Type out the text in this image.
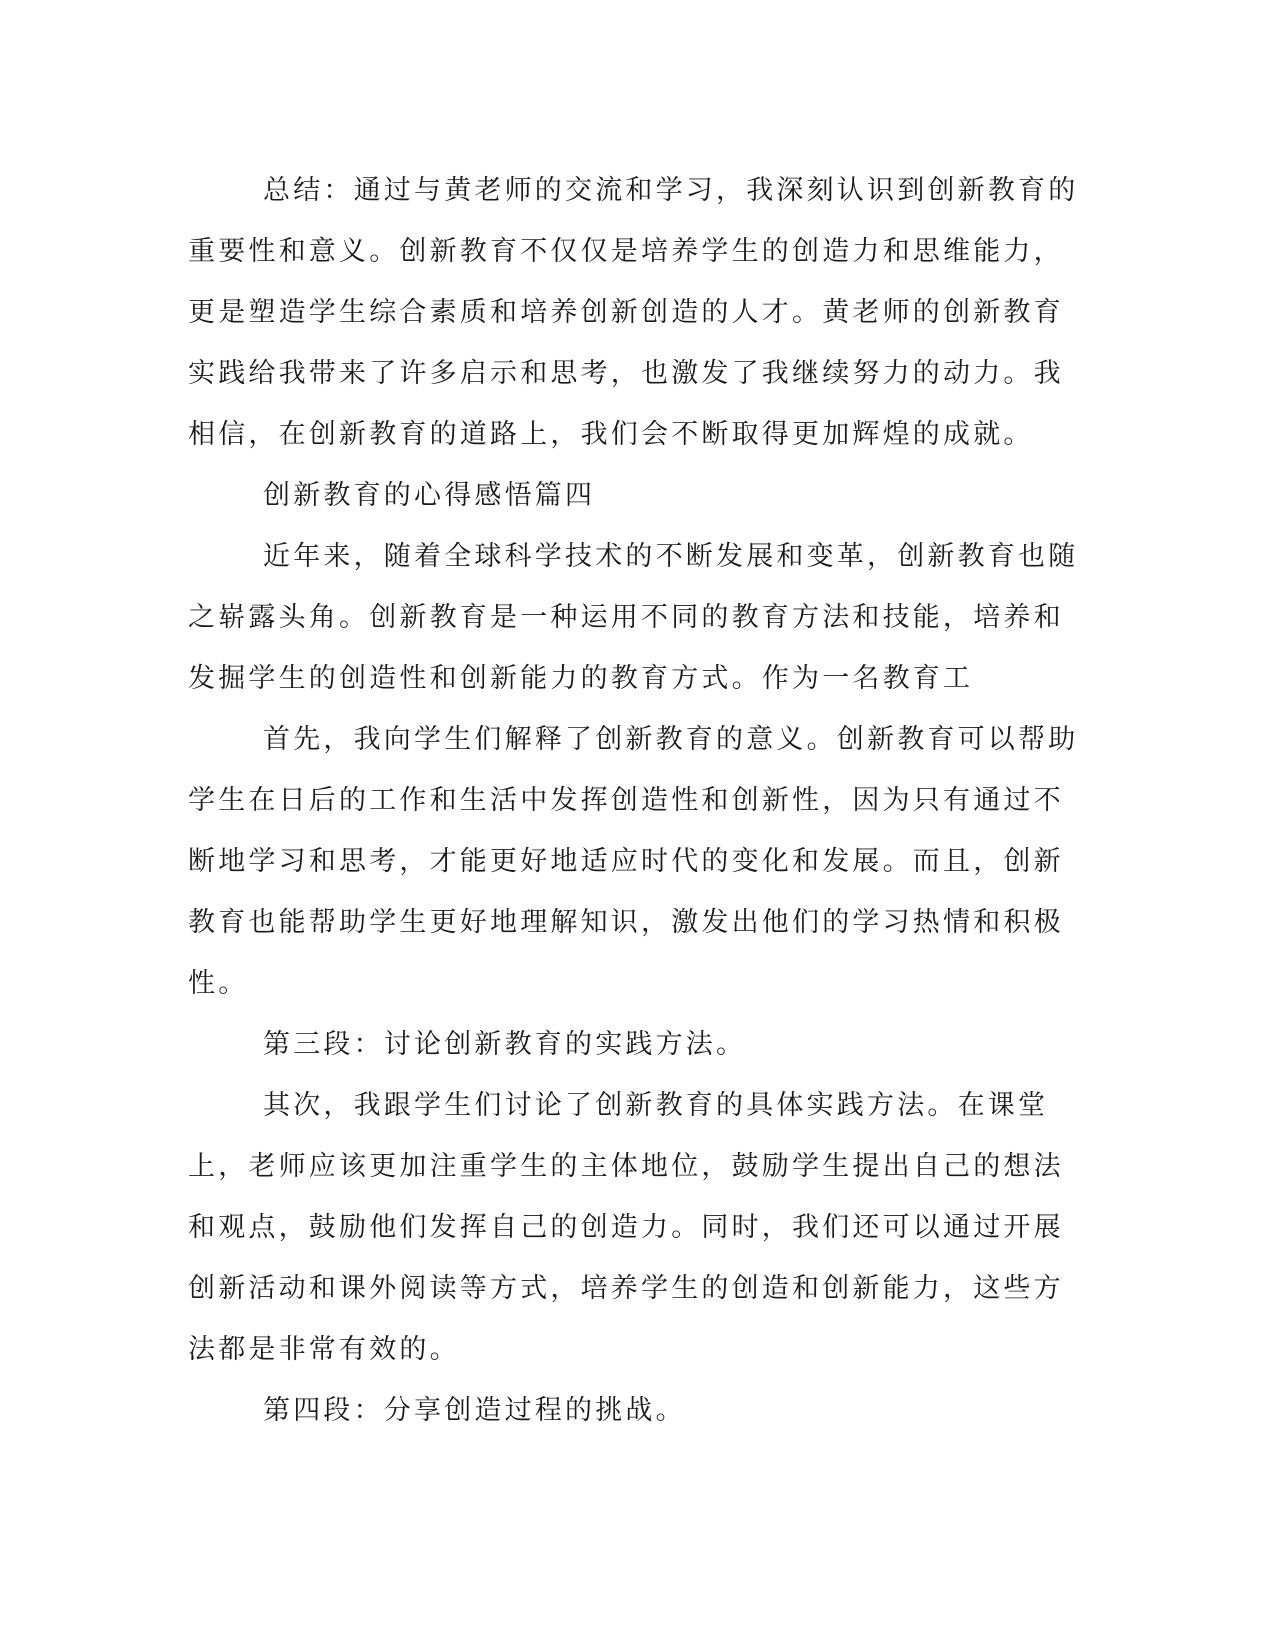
总结：通过与黄老师的交流和学习，我深刻认识到创新教育的重要性和意义。创新教育不仅仅是培养学生的创造力和思维能力，更是塑造学生综合素质和培养创新创造的人才。黄老师的创新教育实践给我带来了许多启示和思考，也激发了我继续努力的动力。我相信，在创新教育的道路上，我们会不断取得更加辉煌的成就。

创新教育的心得感悟篇四

近年来，随着全球科学技术的不断发展和变革，创新教育也随之崭露头角。创新教育是一种运用不同的教育方法和技能，培养和发掘学生的创造性和创新能力的教育方式。作为一名教育工

首先，我向学生们解释了创新教育的意义。创新教育可以帮助学生在日后的工作和生活中发挥创造性和创新性，因为只有通过不断地学习和思考，才能更好地适应时代的变化和发展。而且，创新教育也能帮助学生更好地理解知识，激发出他们的学习热情和积极性。

第三段：讨论创新教育的实践方法。

其次，我跟学生们讨论了创新教育的具体实践方法。在课堂上，老师应该更加注重学生的主体地位，鼓励学生提出自己的想法和观点，鼓励他们发挥自己的创造力。同时，我们还可以通过开展创新活动和课外阅读等方式，培养学生的创造和创新能力，这些方法都是非常有效的。

第四段：分享创造过程的挑战。
